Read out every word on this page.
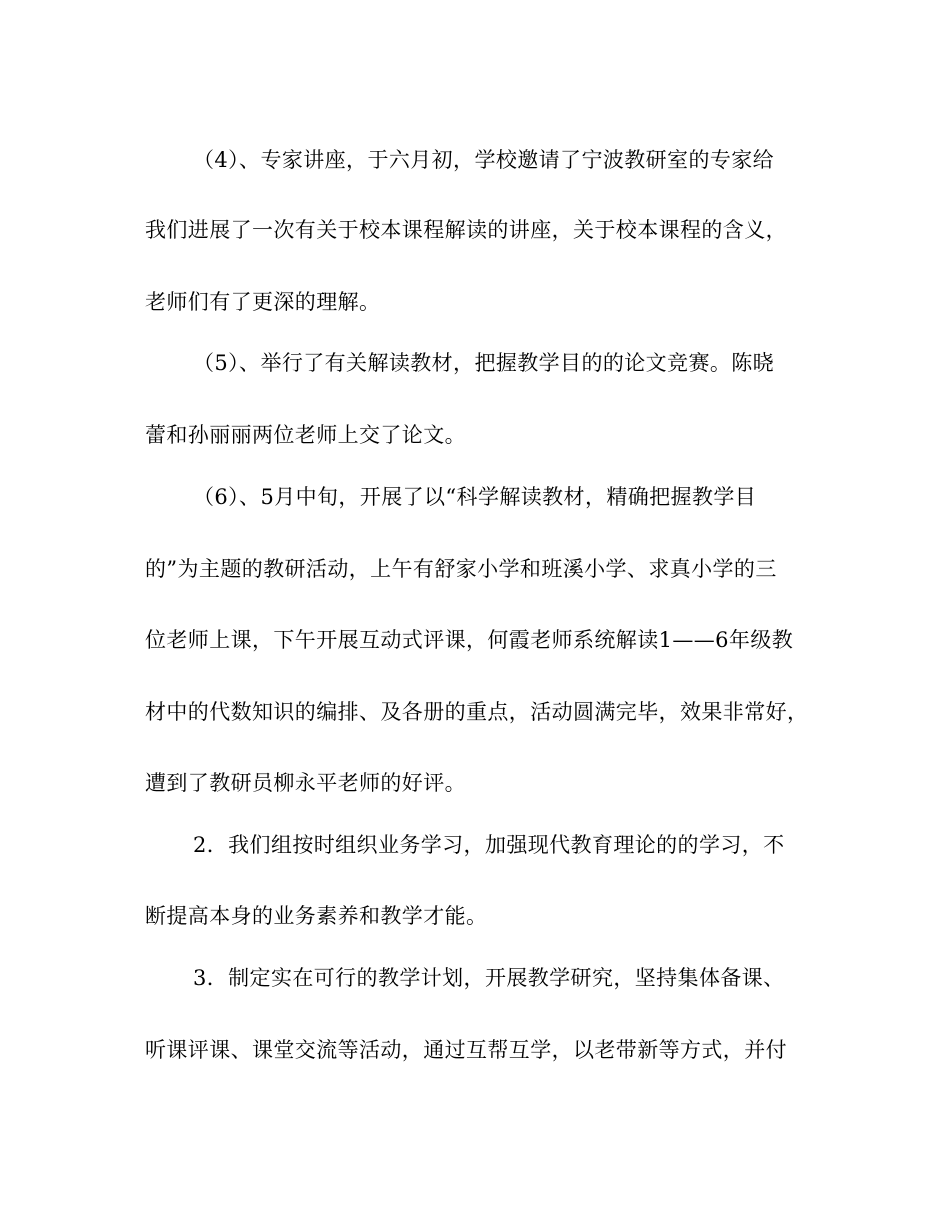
（4）、专家讲座，于六月初，学校邀请了宁波教研室的专家给
我们进展了一次有关于校本课程解读的讲座，关于校本课程的含义，
老师们有了更深的理解。
（5）、举行了有关解读教材，把握教学目的的论文竞赛。陈晓
蕾和孙丽丽两位老师上交了论文。
（6）、5月中旬，开展了以“科学解读教材，精确把握教学目
的”为主题的教研活动，上午有舒家小学和班溪小学、求真小学的三
位老师上课，下午开展互动式评课，何霞老师系统解读1——6年级教
材中的代数知识的编排、及各册的重点，活动圆满完毕，效果非常好，
遭到了教研员柳永平老师的好评。
2．我们组按时组织业务学习，加强现代教育理论的的学习，不
断提高本身的业务素养和教学才能。
3．制定实在可行的教学计划，开展教学研究，坚持集体备课、
听课评课、课堂交流等活动，通过互帮互学，以老带新等方式，并付
